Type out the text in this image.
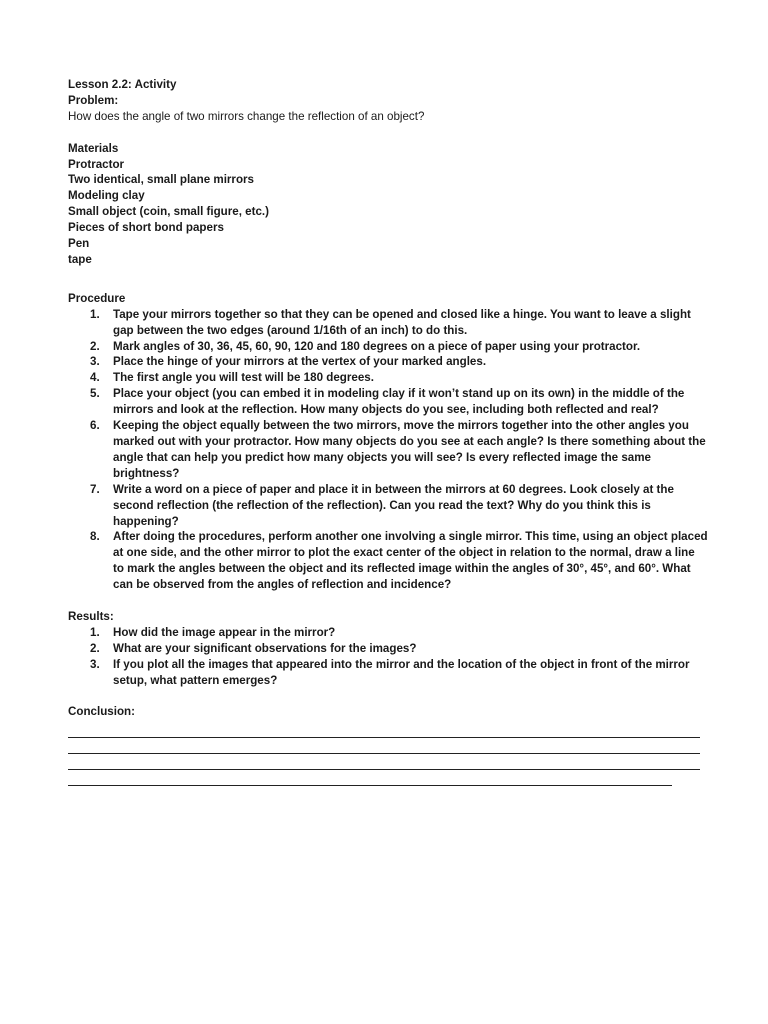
Lesson 2.2: Activity

Problem:

How does the angle of two mirrors change the reflection of an object?

Materials

Protractor

Two identical, small plane mirrors

Modeling clay

Small object (coin, small figure, etc.)

Pieces of short bond papers

Pen

tape

Procedure

1. Tape your mirrors together so that they can be opened and closed like a hinge. You want to leave a slight gap between the two edges (around 1/16th of an inch) to do this.
2. Mark angles of 30, 36, 45, 60, 90, 120 and 180 degrees on a piece of paper using your protractor.
3. Place the hinge of your mirrors at the vertex of your marked angles.
4. The first angle you will test will be 180 degrees.
5. Place your object (you can embed it in modeling clay if it won’t stand up on its own) in the middle of the mirrors and look at the reflection. How many objects do you see, including both reflected and real?
6. Keeping the object equally between the two mirrors, move the mirrors together into the other angles you marked out with your protractor. How many objects do you see at each angle? Is there something about the angle that can help you predict how many objects you will see? Is every reflected image the same brightness?
7. Write a word on a piece of paper and place it in between the mirrors at 60 degrees. Look closely at the second reflection (the reflection of the reflection). Can you read the text? Why do you think this is happening?
8. After doing the procedures, perform another one involving a single mirror. This time, using an object placed at one side, and the other mirror to plot the exact center of the object in relation to the normal, draw a line to mark the angles between the object and its reflected image within the angles of 30°, 45°, and 60°. What can be observed from the angles of reflection and incidence?

Results:

1. How did the image appear in the mirror?
2. What are your significant observations for the images?
3. If you plot all the images that appeared into the mirror and the location of the object in front of the mirror setup, what pattern emerges?

Conclusion:
